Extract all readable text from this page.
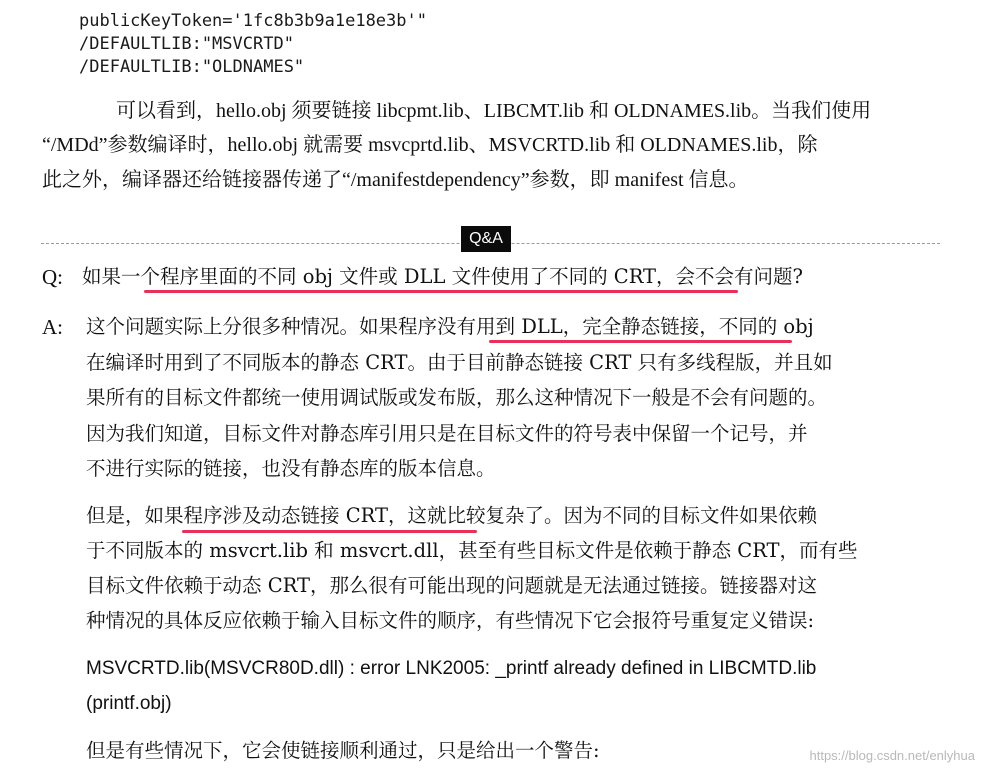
publicKeyToken='1fc8b3b9a1e18e3b'"
/DEFAULTLIB:"MSVCRTD"
/DEFAULTLIB:"OLDNAMES"
可以看到，hello.obj 须要链接 libcpmt.lib、LIBCMT.lib 和 OLDNAMES.lib。当我们使用
“/MDd”参数编译时，hello.obj 就需要 msvcprtd.lib、MSVCRTD.lib 和 OLDNAMES.lib，除
此之外，编译器还给链接器传递了“/manifestdependency”参数，即 manifest 信息。
Q&A
Q: 如果一个程序里面的不同 obj 文件或 DLL 文件使用了不同的 CRT，会不会有问题?
A: 这个问题实际上分很多种情况。如果程序没有用到 DLL，完全静态链接，不同的 obj
在编译时用到了不同版本的静态 CRT。由于目前静态链接 CRT 只有多线程版，并且如
果所有的目标文件都统一使用调试版或发布版，那么这种情况下一般是不会有问题的。
因为我们知道，目标文件对静态库引用只是在目标文件的符号表中保留一个记号，并
不进行实际的链接，也没有静态库的版本信息。
但是，如果程序涉及动态链接 CRT，这就比较复杂了。因为不同的目标文件如果依赖
于不同版本的 msvcrt.lib 和 msvcrt.dll，甚至有些目标文件是依赖于静态 CRT，而有些
目标文件依赖于动态 CRT，那么很有可能出现的问题就是无法通过链接。链接器对这
种情况的具体反应依赖于输入目标文件的顺序，有些情况下它会报符号重复定义错误:
MSVCRTD.lib(MSVCR80D.dll) : error LNK2005: _printf already defined in LIBCMTD.lib
(printf.obj)
但是有些情况下，它会使链接顺利通过，只是给出一个警告:	https://blog.csdn.net/enlyhua
